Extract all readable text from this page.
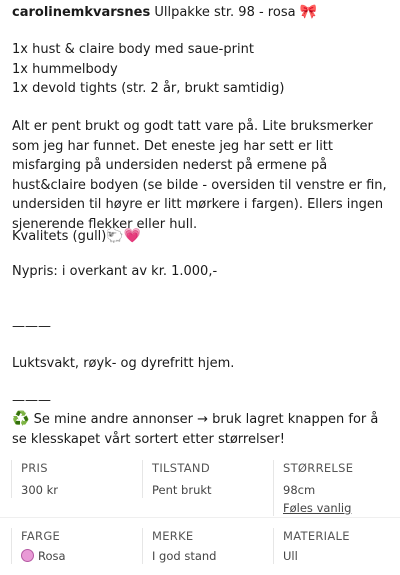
carolinemkvarsnes Ullpakke str. 98 - rosa 🎀

1x hust & claire body med saue-print

1x hummelbody

1x devold tights (str. 2 år, brukt samtidig)

Alt er pent brukt og godt tatt vare på. Lite bruksmerker som jeg har funnet. Det eneste jeg har sett er litt misfarging på undersiden nederst på ermene på hust&claire bodyen (se bilde - oversiden til venstre er fin, undersiden til høyre er litt mørkere i fargen). Ellers ingen sjenerende flekker eller hull.

Kvalitets (gull)🐑💗

Nypris: i overkant av kr. 1.000,-

———

Luktsvakt, røyk- og dyrefritt hjem.

———

♻️ Se mine andre annonser → bruk lagret knappen for å se klesskapet vårt sortert etter størrelser!

PRIS
300 kr
TILSTAND
Pent brukt
STØRRELSE
98cm
Føles vanlig
FARGE
Rosa
MERKE
I god stand
MATERIALE
Ull
